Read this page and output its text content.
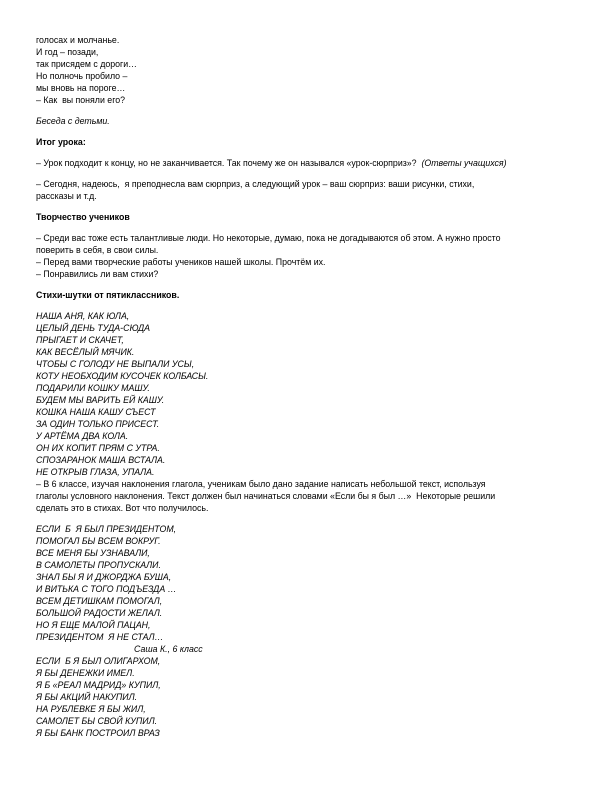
голосах и молчанье.
И год – позади,
так присядем с дороги…
Но полночь пробило –
мы вновь на пороге…
– Как  вы поняли его?
Беседа с детьми.
Итог урока:
– Урок подходит к концу, но не заканчивается. Так почему же он назывался «урок-сюрприз»?  (Ответы учащихся)
– Сегодня, надеюсь,  я преподнесла вам сюрприз, а следующий урок – ваш сюрприз: ваши рисунки, стихи,
рассказы и т.д.
Творчество учеников
– Среди вас тоже есть талантливые люди. Но некоторые, думаю, пока не догадываются об этом. А нужно просто
поверить в себя, в свои силы.
– Перед вами творческие работы учеников нашей школы. Прочтём их.
– Понравились ли вам стихи?
Стихи-шутки от пятиклассников.
НАША АНЯ, КАК ЮЛА,
ЦЕЛЫЙ ДЕНЬ ТУДА-СЮДА
ПРЫГАЕТ И СКАЧЕТ,
КАК ВЕСЁЛЫЙ МЯЧИК.
ЧТОБЫ С ГОЛОДУ НЕ ВЫПАЛИ УСЫ,
КОТУ НЕОБХОДИМ КУСОЧЕК КОЛБАСЫ.
ПОДАРИЛИ КОШКУ МАШУ.
БУДЕМ МЫ ВАРИТЬ ЕЙ КАШУ.
КОШКА НАША КАШУ СЪЕСТ
ЗА ОДИН ТОЛЬКО ПРИСЕСТ.
У АРТЁМА ДВА КОЛА.
ОН ИХ КОПИТ ПРЯМ С УТРА.
СПОЗАРАНОК МАША ВСТАЛА.
НЕ ОТКРЫВ ГЛАЗА, УПАЛА.
– В 6 классе, изучая наклонения глагола, ученикам было дано задание написать небольшой текст, используя
глаголы условного наклонения. Текст должен был начинаться словами «Если бы я был …»  Некоторые решили
сделать это в стихах. Вот что получилось.
ЕСЛИ  Б  Я БЫЛ ПРЕЗИДЕНТОМ,
ПОМОГАЛ БЫ ВСЕМ ВОКРУГ.
ВСЕ МЕНЯ БЫ УЗНАВАЛИ,
В САМОЛЕТЫ ПРОПУСКАЛИ.
ЗНАЛ БЫ Я И ДЖОРДЖА БУША,
И ВИТЬКА С ТОГО ПОДЪЕЗДА …
ВСЕМ ДЕТИШКАМ ПОМОГАЛ,
БОЛЬШОЙ РАДОСТИ ЖЕЛАЛ.
НО Я ЕЩЕ МАЛОЙ ПАЦАН,
ПРЕЗИДЕНТОМ  Я НЕ СТАЛ…
Саша К., 6 класс
ЕСЛИ  Б Я БЫЛ ОЛИГАРХОМ,
Я БЫ ДЕНЕЖКИ ИМЕЛ.
Я Б «РЕАЛ МАДРИД» КУПИЛ,
Я БЫ АКЦИЙ НАКУПИЛ.
НА РУБЛЕВКЕ Я БЫ ЖИЛ,
САМОЛЕТ БЫ СВОЙ КУПИЛ.
Я БЫ БАНК ПОСТРОИЛ ВРАЗ
